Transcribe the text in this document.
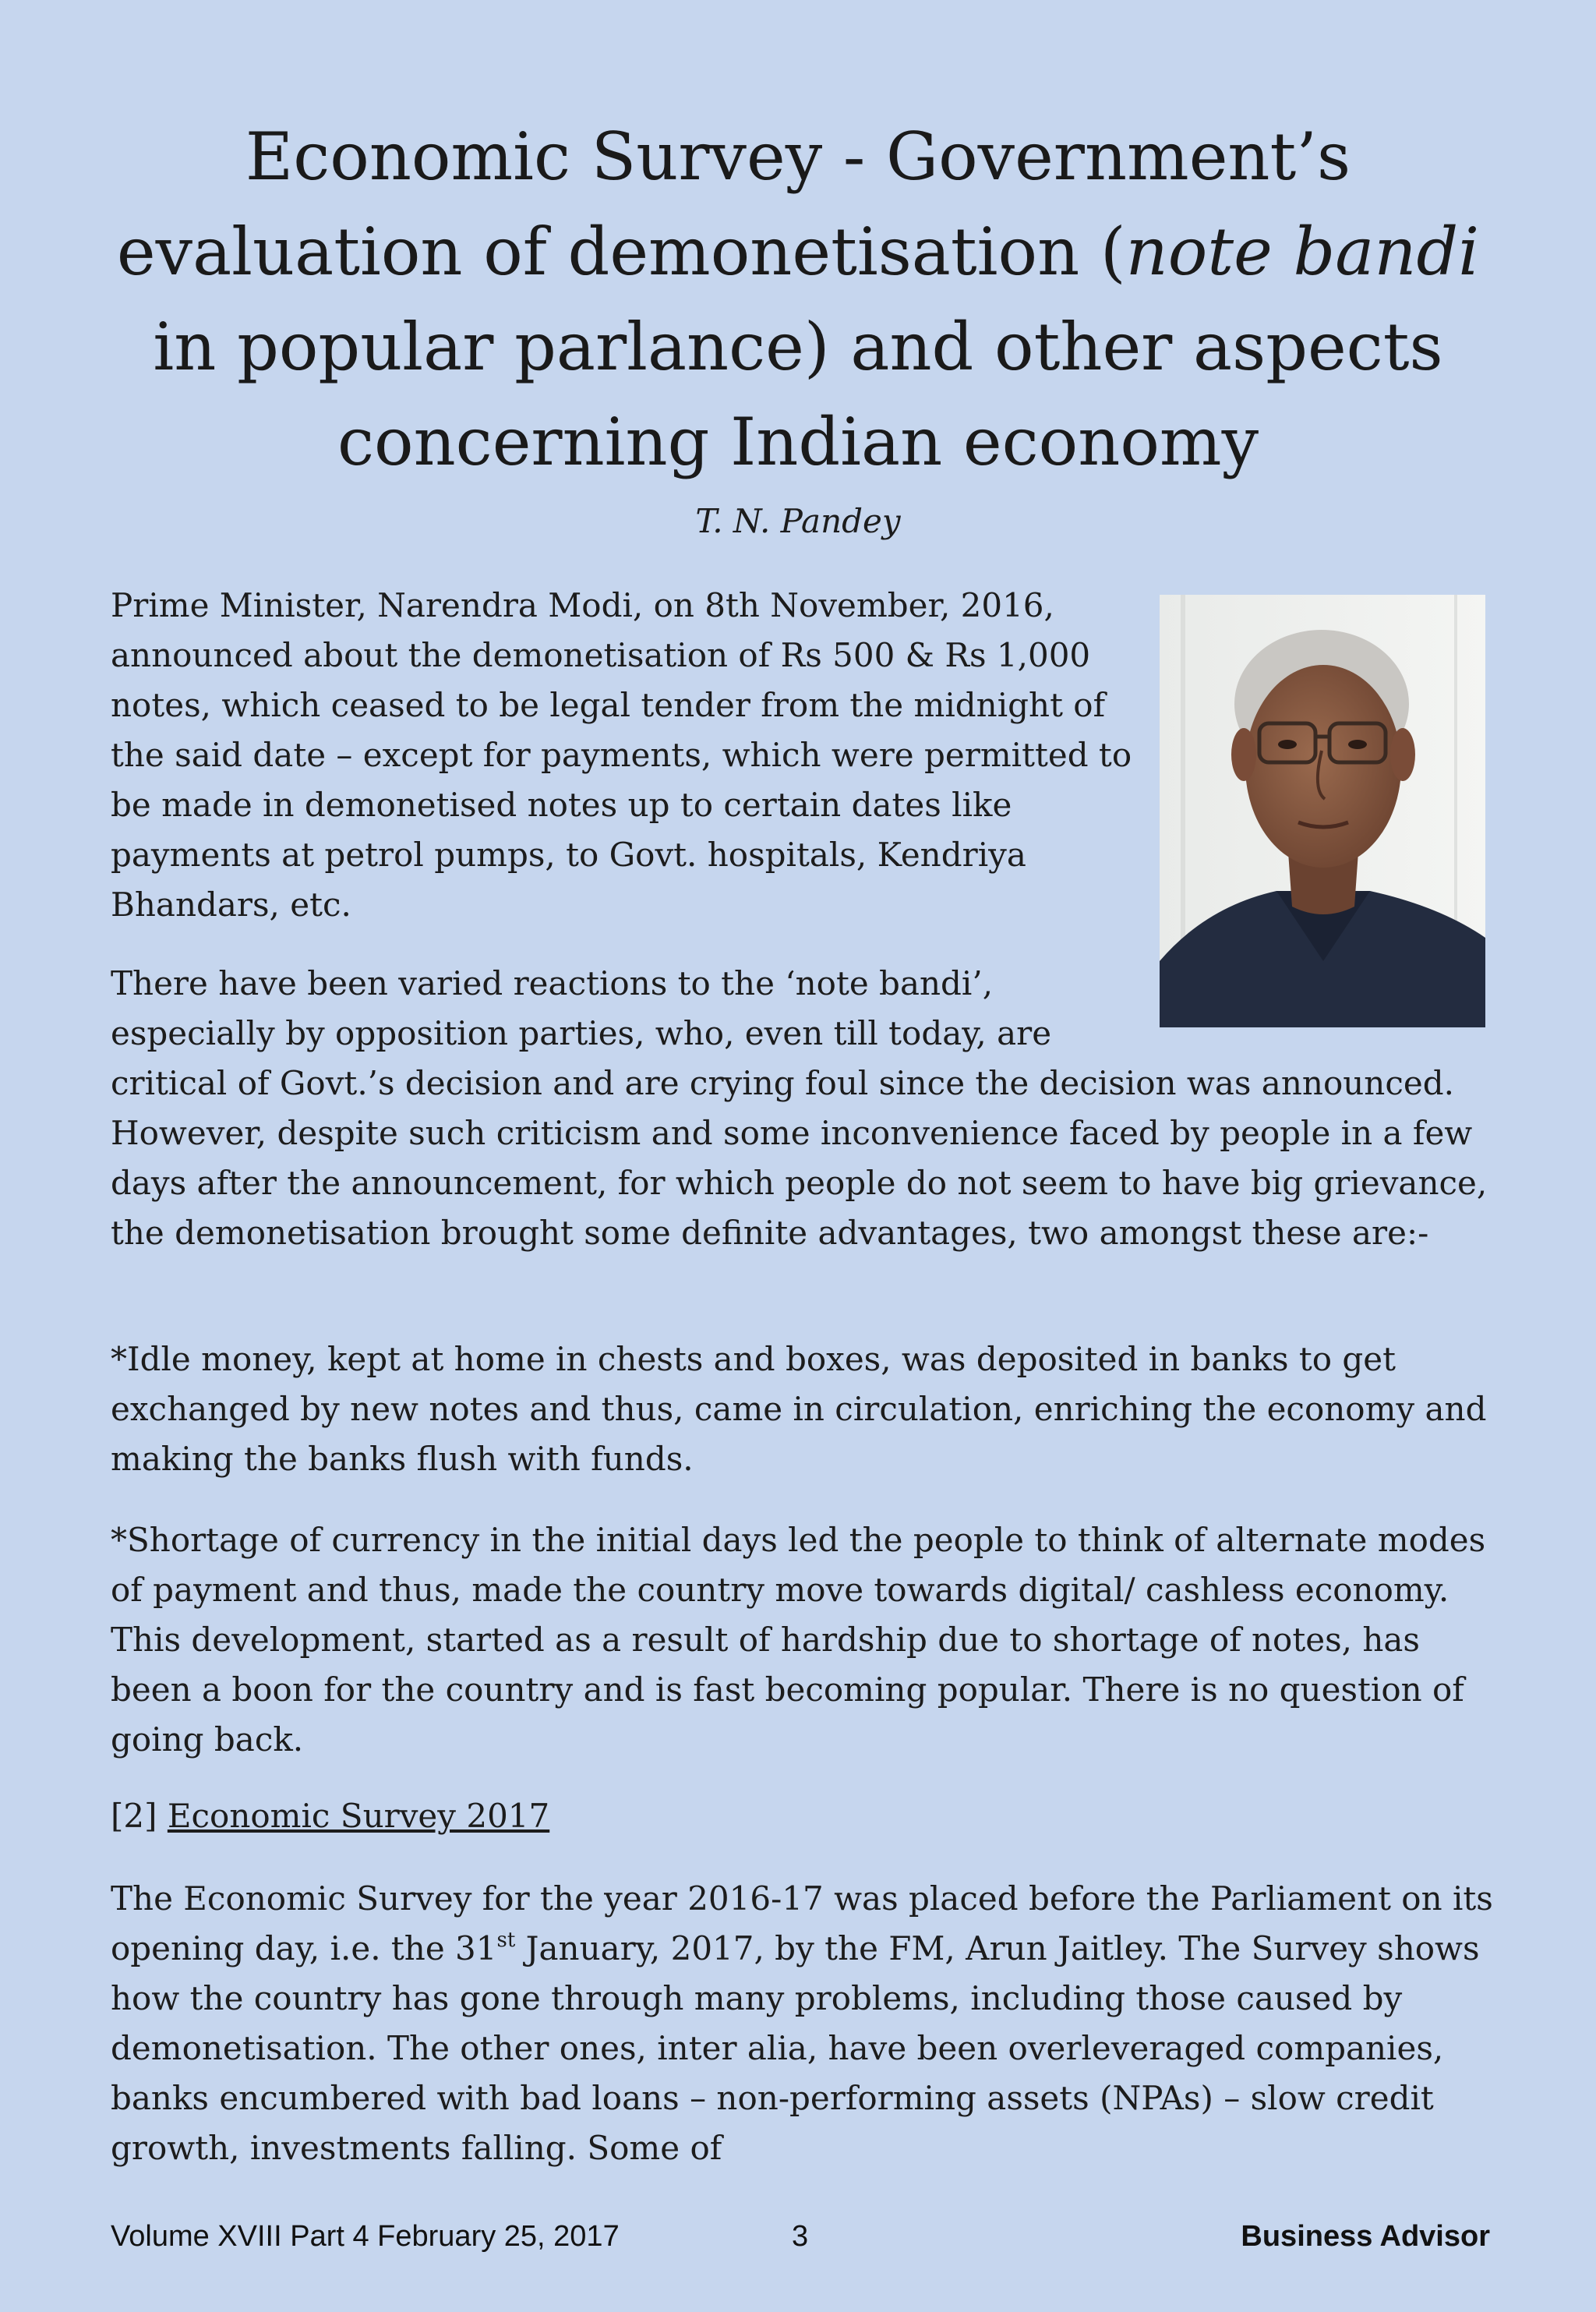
Economic Survey - Government’s
evaluation of demonetisation (note bandi
in popular parlance) and other aspects
concerning Indian economy

T. N. Pandey

Prime Minister, Narendra Modi, on 8th November, 2016, announced about the demonetisation of Rs 500 & Rs 1,000 notes, which ceased to be legal tender from the midnight of the said date – except for payments, which were permitted to be made in demonetised notes up to certain dates like payments at petrol pumps, to Govt. hospitals, Kendriya Bhandars, etc.

There have been varied reactions to the ‘note bandi’, especially by opposition parties, who, even till today, are

critical of Govt.’s decision and are crying foul since the decision was announced. However, despite such criticism and some inconvenience faced by people in a few days after the announcement, for which people do not seem to have big grievance, the demonetisation brought some definite advantages, two amongst these are:-

*Idle money, kept at home in chests and boxes, was deposited in banks to get exchanged by new notes and thus, came in circulation, enriching the economy and making the banks flush with funds.

*Shortage of currency in the initial days led the people to think of alternate modes of payment and thus, made the country move towards digital/ cashless economy. This development, started as a result of hardship due to shortage of notes, has been a boon for the country and is fast becoming popular. There is no question of going back.

[2] Economic Survey 2017

The Economic Survey for the year 2016-17 was placed before the Parliament on its opening day, i.e. the 31st January, 2017, by the FM, Arun Jaitley. The Survey shows how the country has gone through many problems, including those caused by demonetisation. The other ones, inter alia, have been overleveraged companies, banks encumbered with bad loans – non-performing assets (NPAs) – slow credit growth, investments falling. Some of

Volume XVIII Part 4 February 25, 2017	3	Business Advisor
